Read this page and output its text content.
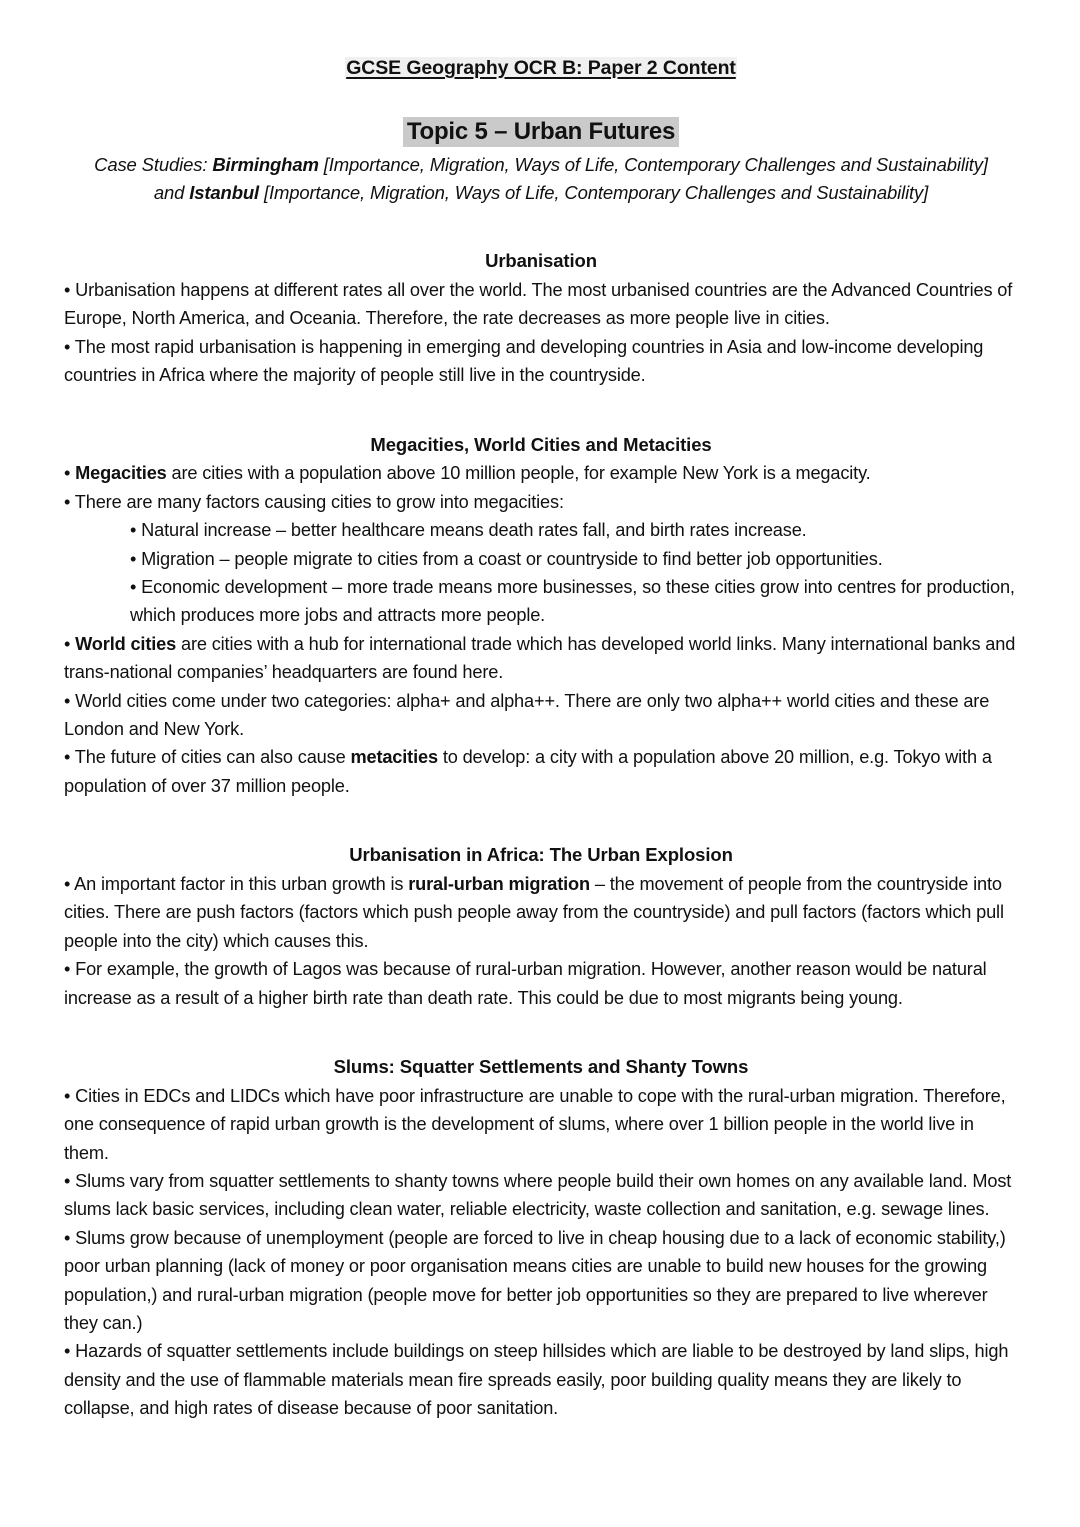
GCSE Geography OCR B: Paper 2 Content
Topic 5 – Urban Futures

Case Studies: Birmingham [Importance, Migration, Ways of Life, Contemporary Challenges and Sustainability]
and Istanbul [Importance, Migration, Ways of Life, Contemporary Challenges and Sustainability]

Urbanisation

• Urbanisation happens at different rates all over the world. The most urbanised countries are the Advanced Countries of Europe, North America, and Oceania. Therefore, the rate decreases as more people live in cities.

• The most rapid urbanisation is happening in emerging and developing countries in Asia and low-income developing countries in Africa where the majority of people still live in the countryside.

Megacities, World Cities and Metacities

• Megacities are cities with a population above 10 million people, for example New York is a megacity.

• There are many factors causing cities to grow into megacities:

• Natural increase – better healthcare means death rates fall, and birth rates increase.

• Migration – people migrate to cities from a coast or countryside to find better job opportunities.

• Economic development – more trade means more businesses, so these cities grow into centres for production, which produces more jobs and attracts more people.

• World cities are cities with a hub for international trade which has developed world links. Many international banks and trans-national companies’ headquarters are found here.

• World cities come under two categories: alpha+ and alpha++. There are only two alpha++ world cities and these are London and New York.

• The future of cities can also cause metacities to develop: a city with a population above 20 million, e.g. Tokyo with a population of over 37 million people.

Urbanisation in Africa: The Urban Explosion

• An important factor in this urban growth is rural-urban migration – the movement of people from the countryside into cities. There are push factors (factors which push people away from the countryside) and pull factors (factors which pull people into the city) which causes this.

• For example, the growth of Lagos was because of rural-urban migration. However, another reason would be natural increase as a result of a higher birth rate than death rate. This could be due to most migrants being young.

Slums: Squatter Settlements and Shanty Towns

• Cities in EDCs and LIDCs which have poor infrastructure are unable to cope with the rural-urban migration. Therefore, one consequence of rapid urban growth is the development of slums, where over 1 billion people in the world live in them.

• Slums vary from squatter settlements to shanty towns where people build their own homes on any available land. Most slums lack basic services, including clean water, reliable electricity, waste collection and sanitation, e.g. sewage lines.

• Slums grow because of unemployment (people are forced to live in cheap housing due to a lack of economic stability,) poor urban planning (lack of money or poor organisation means cities are unable to build new houses for the growing population,) and rural-urban migration (people move for better job opportunities so they are prepared to live wherever they can.)

• Hazards of squatter settlements include buildings on steep hillsides which are liable to be destroyed by land slips, high density and the use of flammable materials mean fire spreads easily, poor building quality means they are likely to collapse, and high rates of disease because of poor sanitation.
